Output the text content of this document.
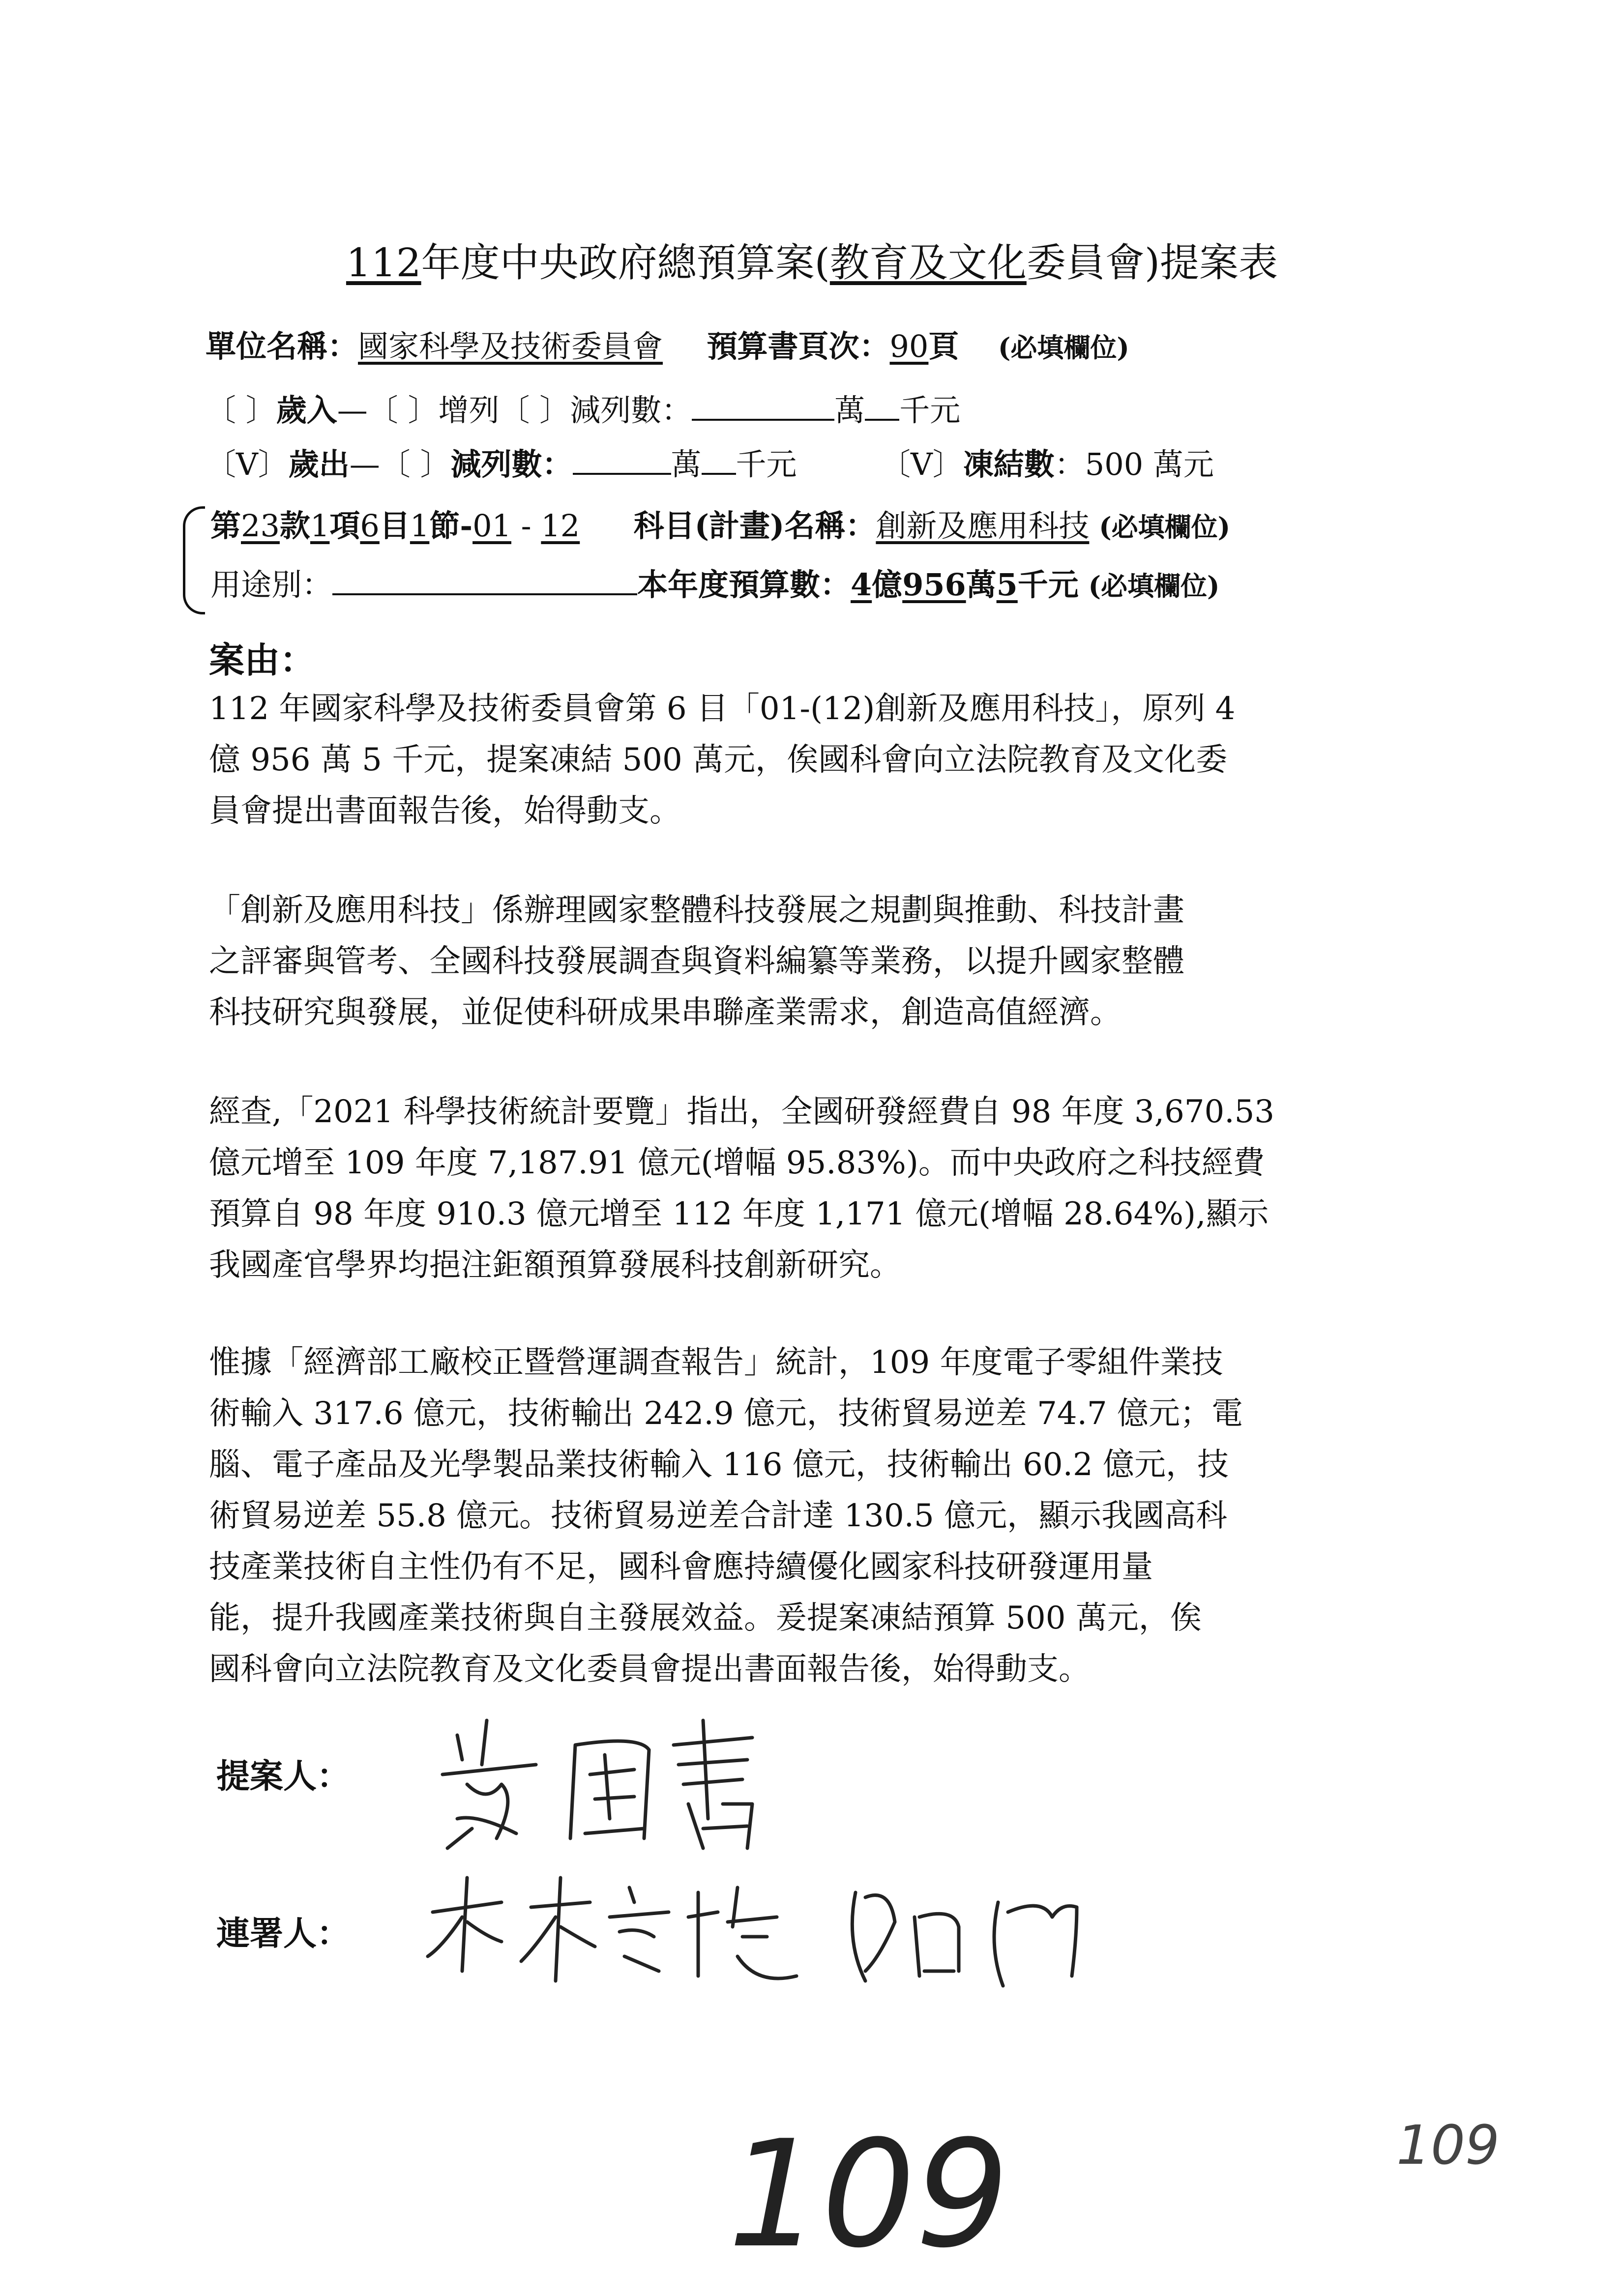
112年度中央政府總預算案(教育及文化委員會)提案表
單位名稱：國家科學及技術委員會 預算書頁次：90頁 (必填欄位)
〔 〕歲入—〔 〕增列〔 〕減列數：	萬 千元
〔V〕歲出—〔 〕減列數：	萬 千元	〔V〕凍結數：500 萬元
第23款1項6目1節-01 - 12 科目(計畫)名稱：創新及應用科技 (必填欄位)
用途別：	本年度預算數：4億956萬5千元 (必填欄位)
案由：

112 年國家科學及技術委員會第 6 目「01-(12)創新及應用科技」，原列 4

億 956 萬 5 千元，提案凍結 500 萬元，俟國科會向立法院教育及文化委

員會提出書面報告後，始得動支。

「創新及應用科技」係辦理國家整體科技發展之規劃與推動、科技計畫

之評審與管考、全國科技發展調查與資料編纂等業務，以提升國家整體

科技研究與發展，並促使科研成果串聯產業需求，創造高值經濟。

經查,「2021 科學技術統計要覽」指出，全國研發經費自 98 年度 3,670.53

億元增至 109 年度 7,187.91 億元(增幅 95.83%)。而中央政府之科技經費

預算自 98 年度 910.3 億元增至 112 年度 1,171 億元(增幅 28.64%),顯示

我國產官學界均挹注鉅額預算發展科技創新研究。

惟據「經濟部工廠校正暨營運調查報告」統計，109 年度電子零組件業技

術輸入 317.6 億元，技術輸出 242.9 億元，技術貿易逆差 74.7 億元；電

腦、電子產品及光學製品業技術輸入 116 億元，技術輸出 60.2 億元，技

術貿易逆差 55.8 億元。技術貿易逆差合計達 130.5 億元，顯示我國高科

技產業技術自主性仍有不足，國科會應持續優化國家科技研發運用量

能，提升我國產業技術與自主發展效益。爰提案凍結預算 500 萬元，俟

國科會向立法院教育及文化委員會提出書面報告後，始得動支。

提案人：
連署人：
109	109
